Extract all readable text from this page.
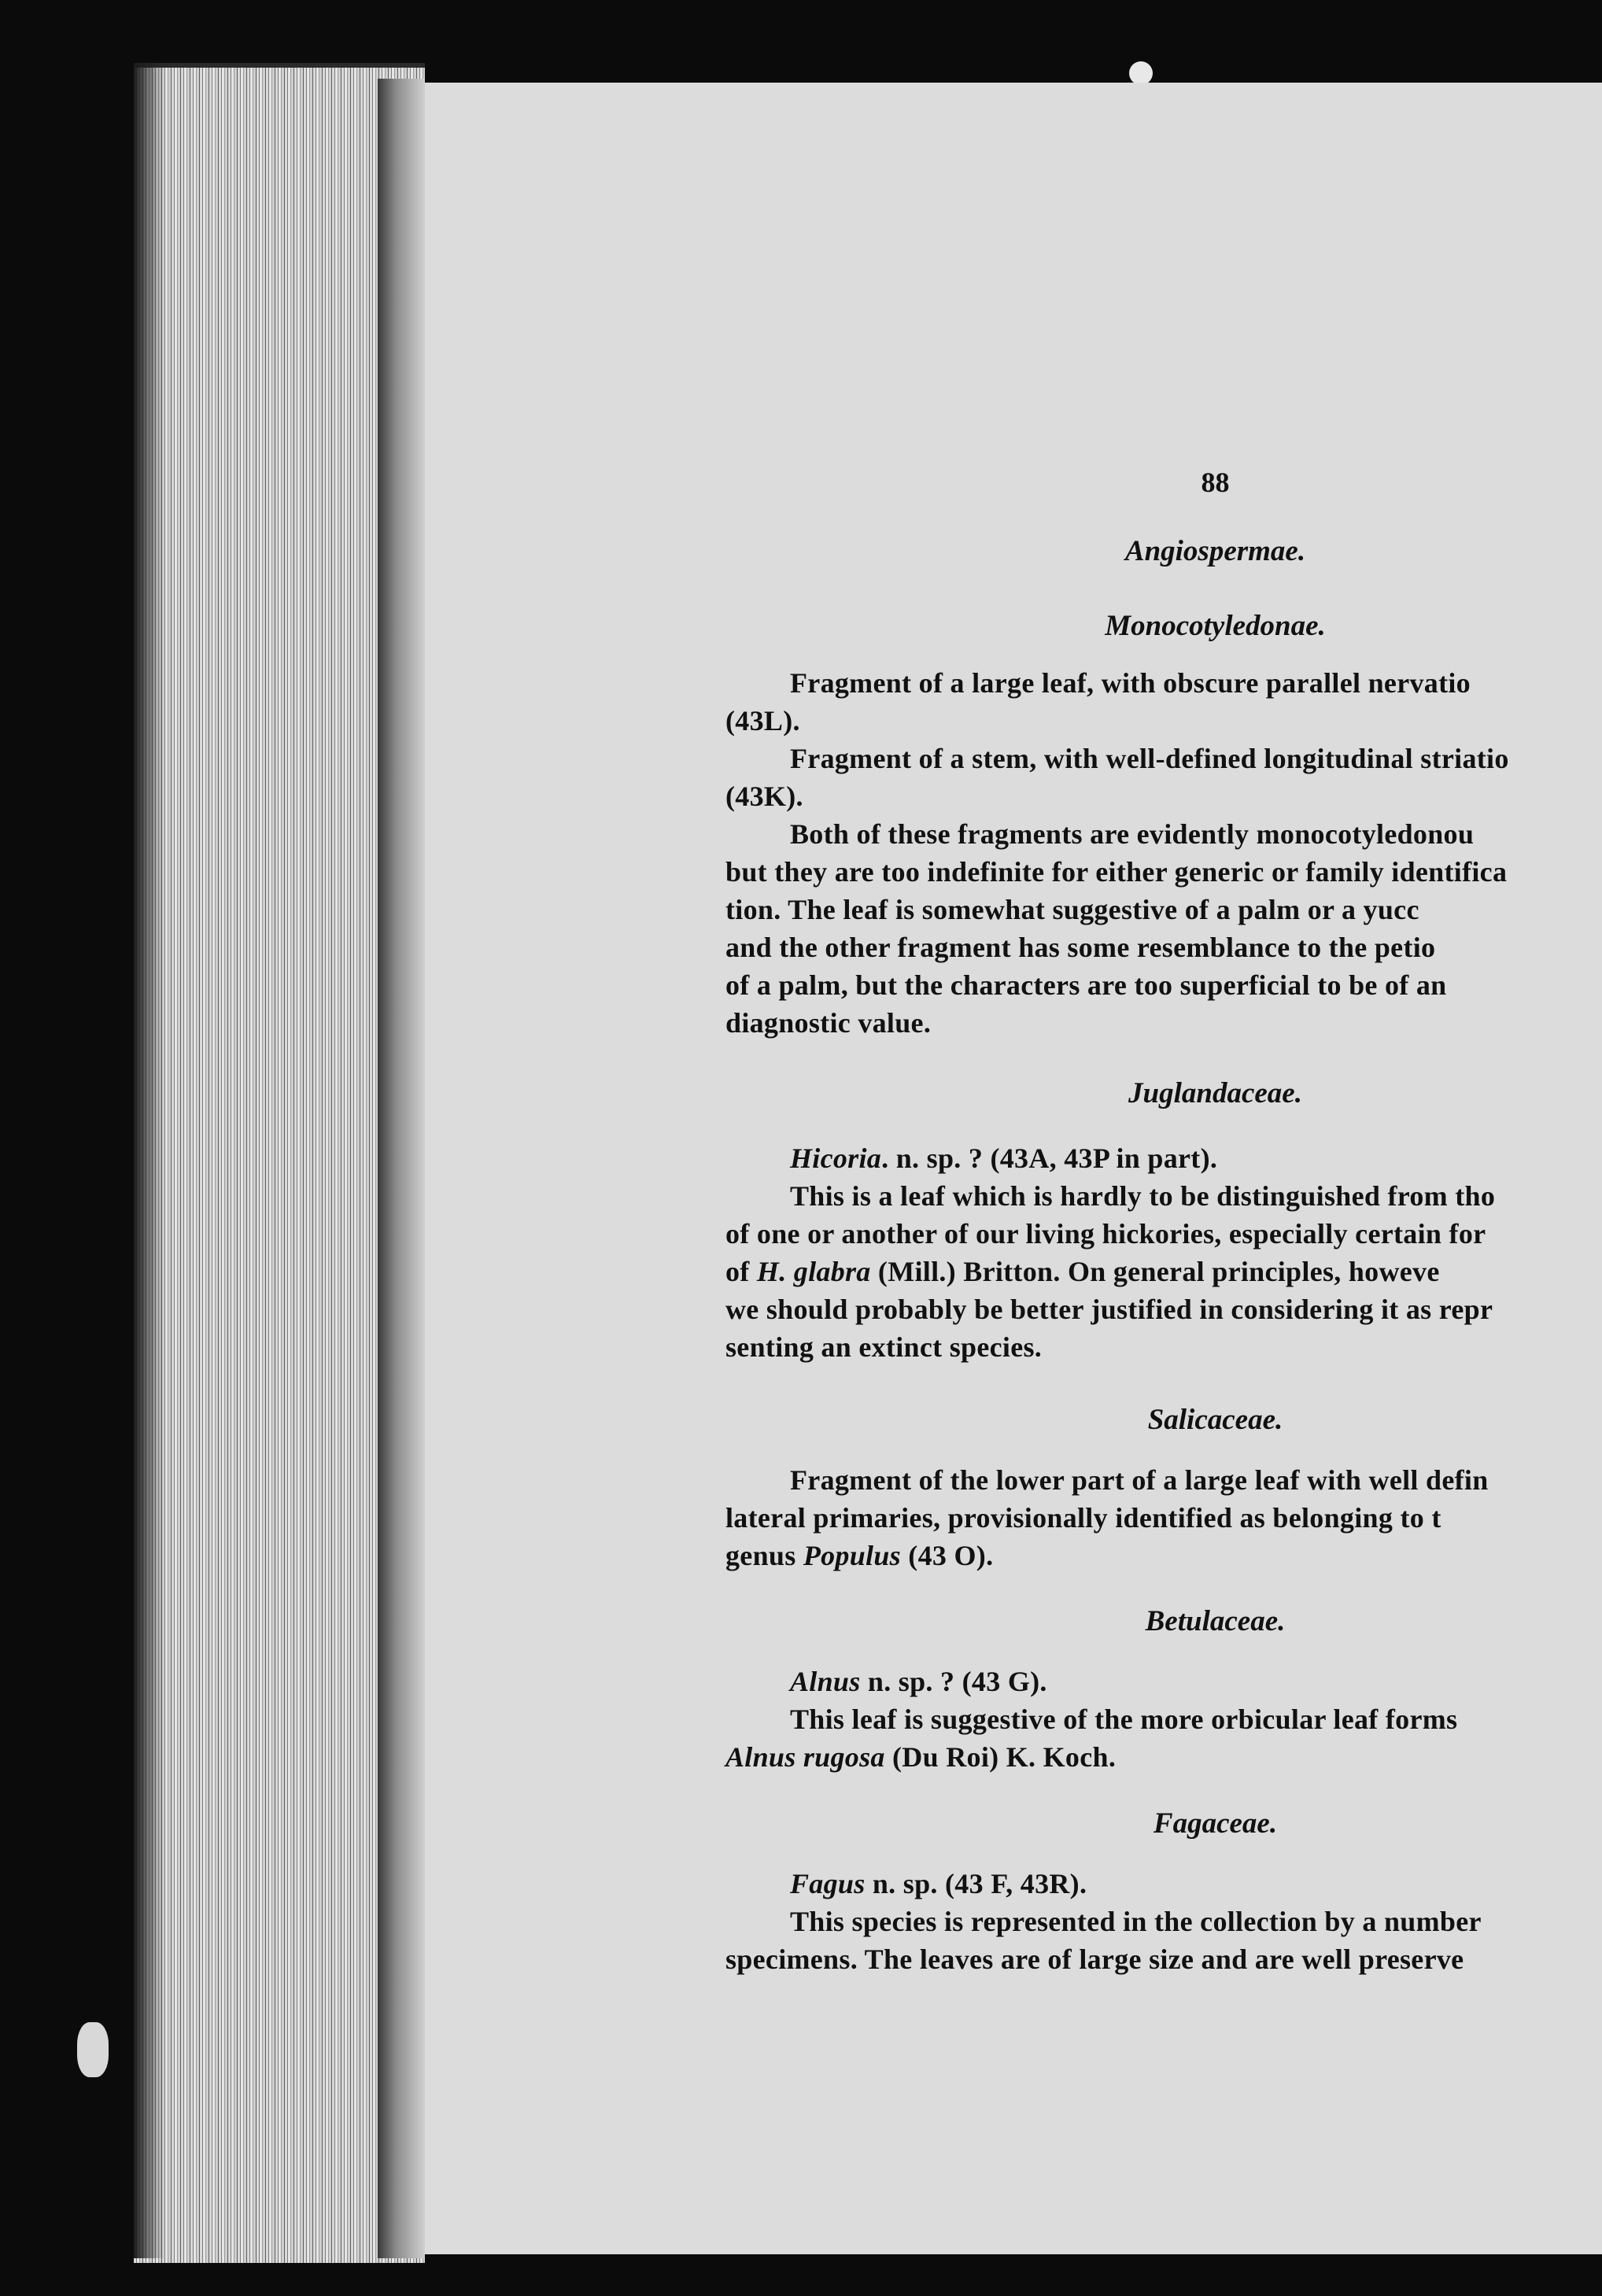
88
Angiospermae.
Monocotyledonae.
Fragment of a large leaf, with obscure parallel nervatio
(43L).
Fragment of a stem, with well-defined longitudinal striatio
(43K).
Both of these fragments are evidently monocotyledonou
but they are too indefinite for either generic or family identifica
tion. The leaf is somewhat suggestive of a palm or a yucc
and the other fragment has some resemblance to the petio
of a palm, but the characters are too superficial to be of an
diagnostic value.
Juglandaceae.
Hicoria. n. sp. ? (43A, 43P in part).
This is a leaf which is hardly to be distinguished from tho
of one or another of our living hickories, especially certain for
of H. glabra (Mill.) Britton. On general principles, howeve
we should probably be better justified in considering it as repr
senting an extinct species.
Salicaceae.
Fragment of the lower part of a large leaf with well defin
lateral primaries, provisionally identified as belonging to t
genus Populus (43 O).
Betulaceae.
Alnus n. sp. ? (43 G).
This leaf is suggestive of the more orbicular leaf forms
Alnus rugosa (Du Roi) K. Koch.
Fagaceae.
Fagus n. sp. (43 F, 43R).
This species is represented in the collection by a number
specimens. The leaves are of large size and are well preserve
